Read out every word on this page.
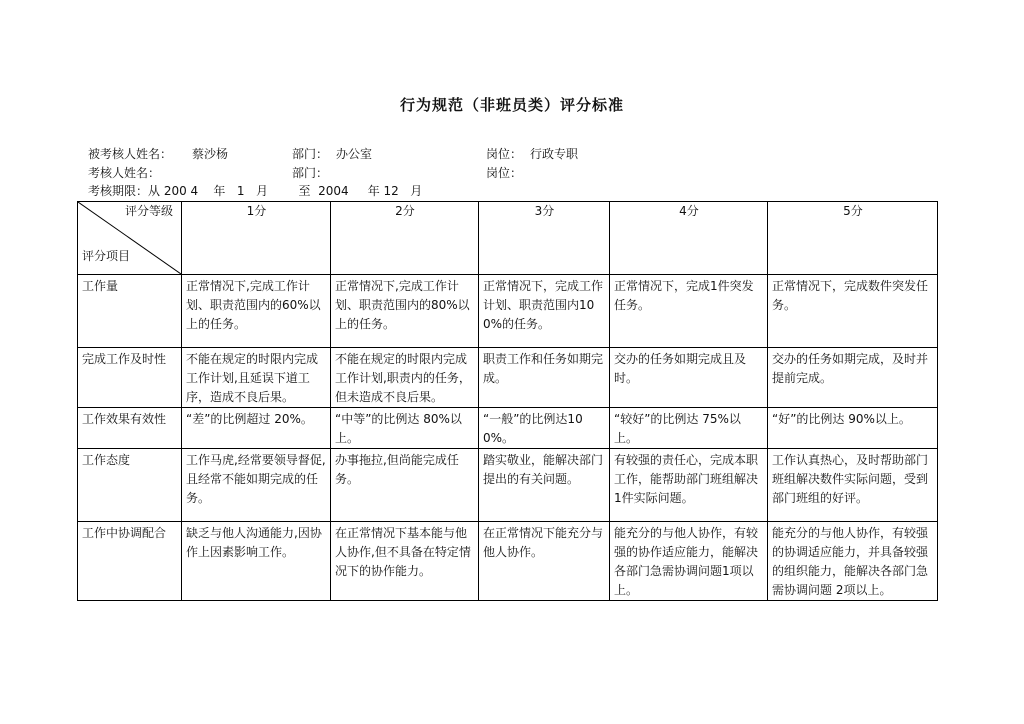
行为规范（非班员类）评分标准
被考核人姓名： 蔡沙杨	部门： 办公室	岗位： 行政专职
考核人姓名：	部门：	岗位：
考核期限：从 200 4    年   1   月        至  2004     年 12   月
评分等级
评分项目	1分	2分	3分	4分	5分
工作量	正常情况下,完成工作计划、职责范围内的60%以上的任务。	正常情况下,完成工作计划、职责范围内的80%以上的任务。	正常情况下，完成工作计划、职责范围内100%的任务。	正常情况下，完成1件突发任务。	正常情况下，完成数件突发任务。
完成工作及时性	不能在规定的时限内完成工作计划,且延误下道工序，造成不良后果。	不能在规定的时限内完成工作计划,职责内的任务，但未造成不良后果。	职责工作和任务如期完成。	交办的任务如期完成且及时。	交办的任务如期完成，及时并提前完成。
工作效果有效性	“差”的比例超过 20%。	“中等”的比例达 80%以上。	“一般”的比例达100%。	“较好”的比例达 75%以上。	“好”的比例达 90%以上。
工作态度	工作马虎,经常要领导督促,且经常不能如期完成的任务。	办事拖拉,但尚能完成任务。	踏实敬业，能解决部门提出的有关问题。	有较强的责任心，完成本职工作，能帮助部门班组解决1件实际问题。	工作认真热心，及时帮助部门班组解决数件实际问题，受到部门班组的好评。
工作中协调配合	缺乏与他人沟通能力,因协作上因素影响工作。	在正常情况下基本能与他人协作,但不具备在特定情况下的协作能力。	在正常情况下能充分与他人协作。	能充分的与他人协作，有较强的协作适应能力，能解决各部门急需协调问题1项以上。	能充分的与他人协作，有较强的协调适应能力，并具备较强的组织能力，能解决各部门急需协调问题 2项以上。
